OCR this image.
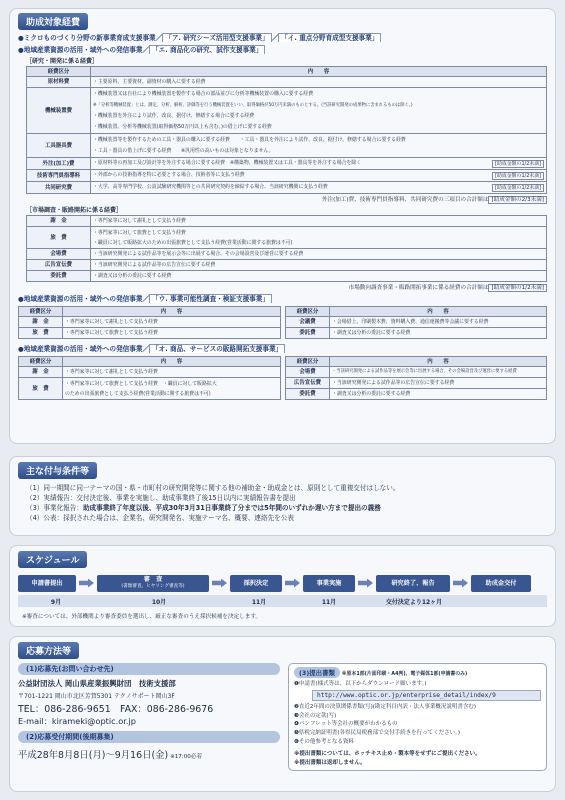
助成対象経費
●ミクロものづくり分野の新事業育成支援事業／ 「ア. 研究シーズ活用型支援事業」 ／ 「イ. 重点分野育成型支援事業」
●地域産業資源の活用・域外への発信事業／ 「エ. 商品化の研究、試作支援事業」
［研究・開発に係る経費］
経費区分	内　　容
原材料費	・主要原料、主要資材、副資材の購入に要する経費
機械装置費	・機械装置又は自社により機械装置を製作する場合の部品並びに分析等機械装置の購入に要する経費
※「分析等機械装置」とは、測定、分析、解析、評価等を行う機械装置をいい、取得価格が50万円未満のものとする。(当該研究開発の成果物に含まれるものは除く。)
・機械装置を外注により試作、改良、据付け、修繕する場合に要する経費
・機械装置、分析等機械装置(取得価格50万円以上も含む。)の借上げに要する経費

工具器具費	・機械装置等を製作するための工具・器具の購入に要する経費　　・工具・器具を外注により試作、改良、据付け、修繕する場合に要する経費
・工具・器具の借上げに要する経費　　※汎用性の高いものは対象となりません。

外注(加工)費	・原材料等の再加工及び設計等を外注する場合に要する経費　※構築物、機械装置又は工具・器具等を外注する場合を除く [助成金額の1/2未満]

技術専門員指導料	・外部からの技術指導を特に必要とする場合、技術者等に支払う経費 [助成金額の1/2未満]

共同研究費	・大学、高等専門学校、公設試験研究機関等との共同研究契約を締結する場合、当該研究機関に支払う経費 [助成金額の1/2未満]
外注(加工)費、技術専門員指導料、共同研究費の三項目の合計額は [助成金額の2/3未満]
［市場調査・販路開拓に係る経費］
謝　金	・専門家等に対して謝礼として支払う経費
旅　費	・専門家等に対して旅費として支払う経費
・職員に対して販路拡大のための出張旅費として支払う経費(営業活動に関する旅費は不可)

会場費	・当該研究開発による試作品等を展示会等に出展する場合、その会場設営及び運営に要する経費
広告宣伝費	・当該研究開発による試作品等の広告宣伝に要する経費
委託費	・調査又は分析の委託に要する経費
市場動向調査事業・販路開拓事業に係る経費の合計額は [助成金額の1/2未満]
●地域産業資源の活用・域外への発信事業／ 「ウ. 事業可能性調査・検証支援事業」
経費区分	内　　容
謝　金	・専門家等に対して謝礼として支払う経費
旅　費	・専門家等に対して旅費として支払う経費
経費区分	内　　容
会議費	・会場借上、印刷製本費、資料購入費、通信運搬費等会議に要する経費
委託費	・調査又は分析の委託に要する経費
●地域産業資源の活用・域外への発信事業／ 「オ. 商品、サービスの販路開拓支援事業」
経費区分	内　　容
謝　金	・専門家等に対して謝礼として支払う経費
旅　費	・専門家等に対して旅費として支払う経費　・職員に対して販路拡大
のための出張旅費として支払う経費(営業活動に関する旅費は不可)
経費区分	内　　容
会場費	・当該研究開発による試作品等を展示会等に出展する場合、その会場設営及び運営に要する経費
広告宣伝費	・当該研究開発による試作品等の広告宣伝に要する経費
委託費	・調査又は分析の委託に要する経費
主な付与条件等
（1）同一期間に同一テーマの国・県・市町村の研究開発等に関する他の補助金・助成金とは、原則として重複交付はしない。
（2）実績報告：交付決定後、事業を実施し、助成事業終了後15日以内に実績報告書を提出
（3）事業化報告：助成事業終了年度以後、平成30年3月31日事業終了分までは5年間のいずれか遅い方まで提出の義務
（4）公表：採択された場合は、企業名、研究開発名、実施テーマ名、概要、連絡先を公表
スケジュール
申請書提出	審　査
(書類審査、ヒヤリング審査等)	採択決定	事業実施	研究終了、報告	助成金交付
9月	10月	11月	11月	交付決定より12ヶ月
※審査については、外部機関より審査委員を選出し、厳正な審査のうえ採択候補を決定します。
応募方法等
(1)応募先(お問い合わせ先)
公益財団法人 岡山県産業振興財団　技術支援部
〒701-1221 岡山市北区芳賀5301 テクノサポート岡山3F
TEL：086-286-9651　FAX：086-286-9676
E-mail：kirameki@optic.or.jp
(2)応募受付期間(後期募集)
平成28年8月8日(月)〜9月16日(金) ※17:00必着
(3)提出書類 ※原本1部(片面印刷・A4判)、電子媒体1部(申請書のみ)
❶申請書(様式等は、以下からダウンロード願います。)
http://www.optic.or.jp/enterprise_detail/index/9
❷直近2年間の決算関係書類(写)(勘定科目内訳・法人事業概況説明書含む)
❸会社の定款(写)
❹パンフレット等会社の概要がわかるもの
❺県税完納証明書(各県民局税務部で交付手続きを行ってください。)
❻その他参考となる資料
※提出書類については、ホッチキス止め・製本等をせずにご提出ください。
※提出書類は返却しません。
